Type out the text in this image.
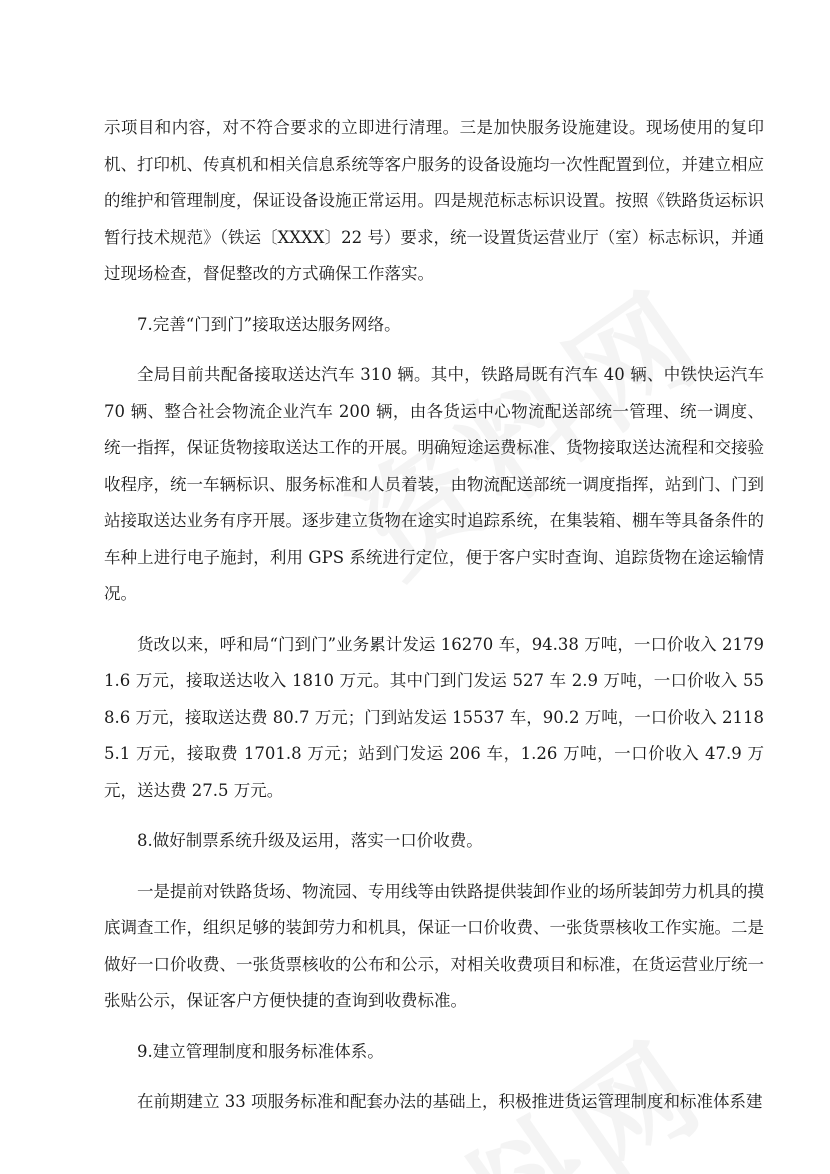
示项目和内容，对不符合要求的立即进行清理。三是加快服务设施建设。现场使用的复印机、打印机、传真机和相关信息系统等客户服务的设备设施均一次性配置到位，并建立相应的维护和管理制度，保证设备设施正常运用。四是规范标志标识设置。按照《铁路货运标识暂行技术规范》（铁运〔XXXX〕22 号）要求，统一设置货运营业厅（室）标志标识，并通过现场检查，督促整改的方式确保工作落实。

7.完善“门到门”接取送达服务网络。

全局目前共配备接取送达汽车 310 辆。其中，铁路局既有汽车 40 辆、中铁快运汽车 70 辆、整合社会物流企业汽车 200 辆，由各货运中心物流配送部统一管理、统一调度、统一指挥，保证货物接取送达工作的开展。明确短途运费标准、货物接取送达流程和交接验收程序，统一车辆标识、服务标准和人员着装，由物流配送部统一调度指挥，站到门、门到站接取送达业务有序开展。逐步建立货物在途实时追踪系统，在集装箱、棚车等具备条件的车种上进行电子施封，利用 GPS 系统进行定位，便于客户实时查询、追踪货物在途运输情况。

货改以来，呼和局“门到门”业务累计发运 16270 车，94.38 万吨，一口价收入 21791.6 万元，接取送达收入 1810 万元。其中门到门发运 527 车 2.9 万吨，一口价收入 558.6 万元，接取送达费 80.7 万元；门到站发运 15537 车，90.2 万吨，一口价收入 21185.1 万元，接取费 1701.8 万元；站到门发运 206 车，1.26 万吨，一口价收入 47.9 万元，送达费 27.5 万元。

8.做好制票系统升级及运用，落实一口价收费。

一是提前对铁路货场、物流园、专用线等由铁路提供装卸作业的场所装卸劳力机具的摸底调查工作，组织足够的装卸劳力和机具，保证一口价收费、一张货票核收工作实施。二是做好一口价收费、一张货票核收的公布和公示，对相关收费项目和标准，在货运营业厅统一张贴公示，保证客户方便快捷的查询到收费标准。

9.建立管理制度和服务标准体系。

在前期建立 33 项服务标准和配套办法的基础上，积极推进货运管理制度和标准体系建
